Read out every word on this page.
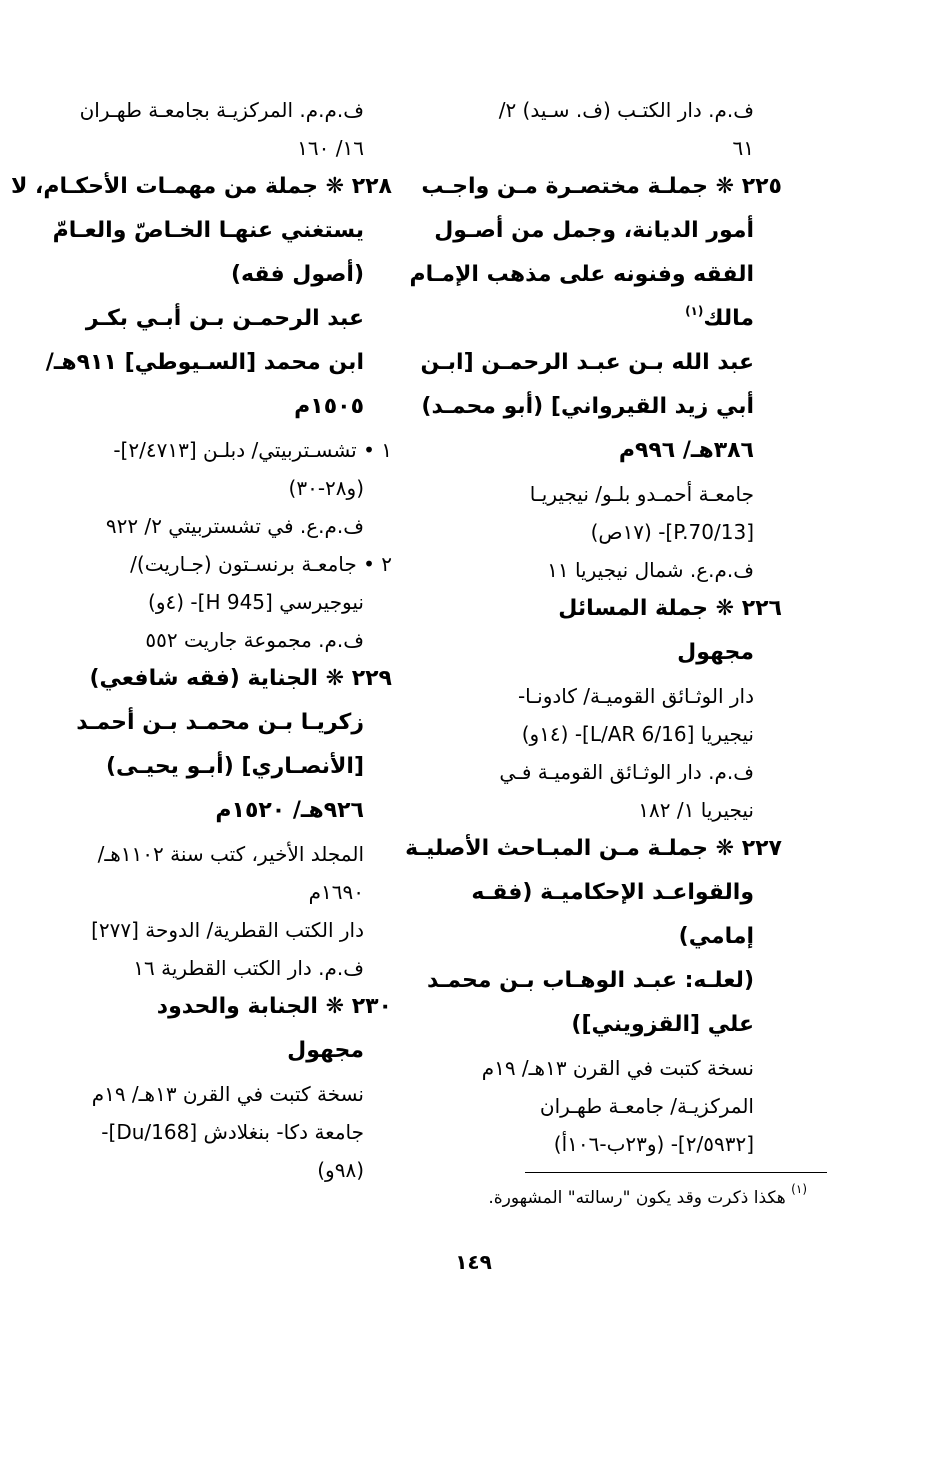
ف.م. دار الكتـب (ف. سـيد) ٢/
٦١
٢٢٥ ❋ جملـة مختصـرة مـن واجـب
أمور الديانة، وجمل من أصـول
الفقه وفنونه على مذهب الإمـام
مالك$^{(١)}$
عبد الله بـن عبـد الرحمـن [ابـن
أبي زيد القيرواني] (أبو محمـد)
٣٨٦هـ/ ٩٩٦م
جامعـة أحمـدو بلـو/ نيجيريـا
[P.70/13]- (١٧ص)
ف.م.ع. شمال نيجيريا ١١
٢٢٦ ❋ جملة المسائل
مجهول
دار الوثـائق القوميـة/ كادونـا-
نيجيريا [L/AR 6/16]- (١٤و)
ف.م. دار الوثـائق القوميـة فـي
نيجيريا ١/ ١٨٢
٢٢٧ ❋ جملـة مـن المبـاحث الأصليـة
والقواعـد الإحكاميـة (فقـه
إمامي)
(لعلـه: عبـد الوهـاب بـن محمـد
علي [القزويني])
نسخة كتبت في القرن ١٣هـ/ ١٩م
المركزيـة/ جامعـة طهـران
[٢/٥٩٣٢]- (و٢٣ب-١٠٦أ)
ف.م.م. المركزيـة بجامعـة طهـران
١٦/ ١٦٠
٢٢٨ ❋ جملة من مهمـات الأحكـام، لا
يستغني عنهـا الخـاصّ والعـامّ
(أصول فقه)
عبد الرحمـن بـن أبـي بكـر
ابن محمد [السـيوطي] ٩١١هـ/
١٥٠٥م
١ • تشسـتربيتي/ دبلـن [٢/٤٧١٣]-
(و٢٨-٣٠)
ف.م.ع. في تشستربيتي ٢/ ٩٢٢
٢ • جامعـة برنسـتون (جـاريت)/
نيوجيرسي [945 H]- (٤و)
ف.م. مجموعة جاريت ٥٥٢
٢٢٩ ❋ الجناية (فقه شافعي)
زكريـا بـن محمـد بـن أحمـد
[الأنصـاري] (أبـو يحيـى)
٩٢٦هـ/ ١٥٢٠م
المجلد الأخير، كتب سنة ١١٠٢هـ/
١٦٩٠م
دار الكتب القطرية/ الدوحة [٢٧٧]
ف.م. دار الكتب القطرية ١٦
٢٣٠ ❋ الجنابة والحدود
مجهول
نسخة كتبت في القرن ١٣هـ/ ١٩م
جامعة دكا- بنغلادش [Du/168]-
(٩٨و)
$^{(١)}$ هكذا ذكرت وقد يكون "رسالته" المشهورة.
١٤٩
